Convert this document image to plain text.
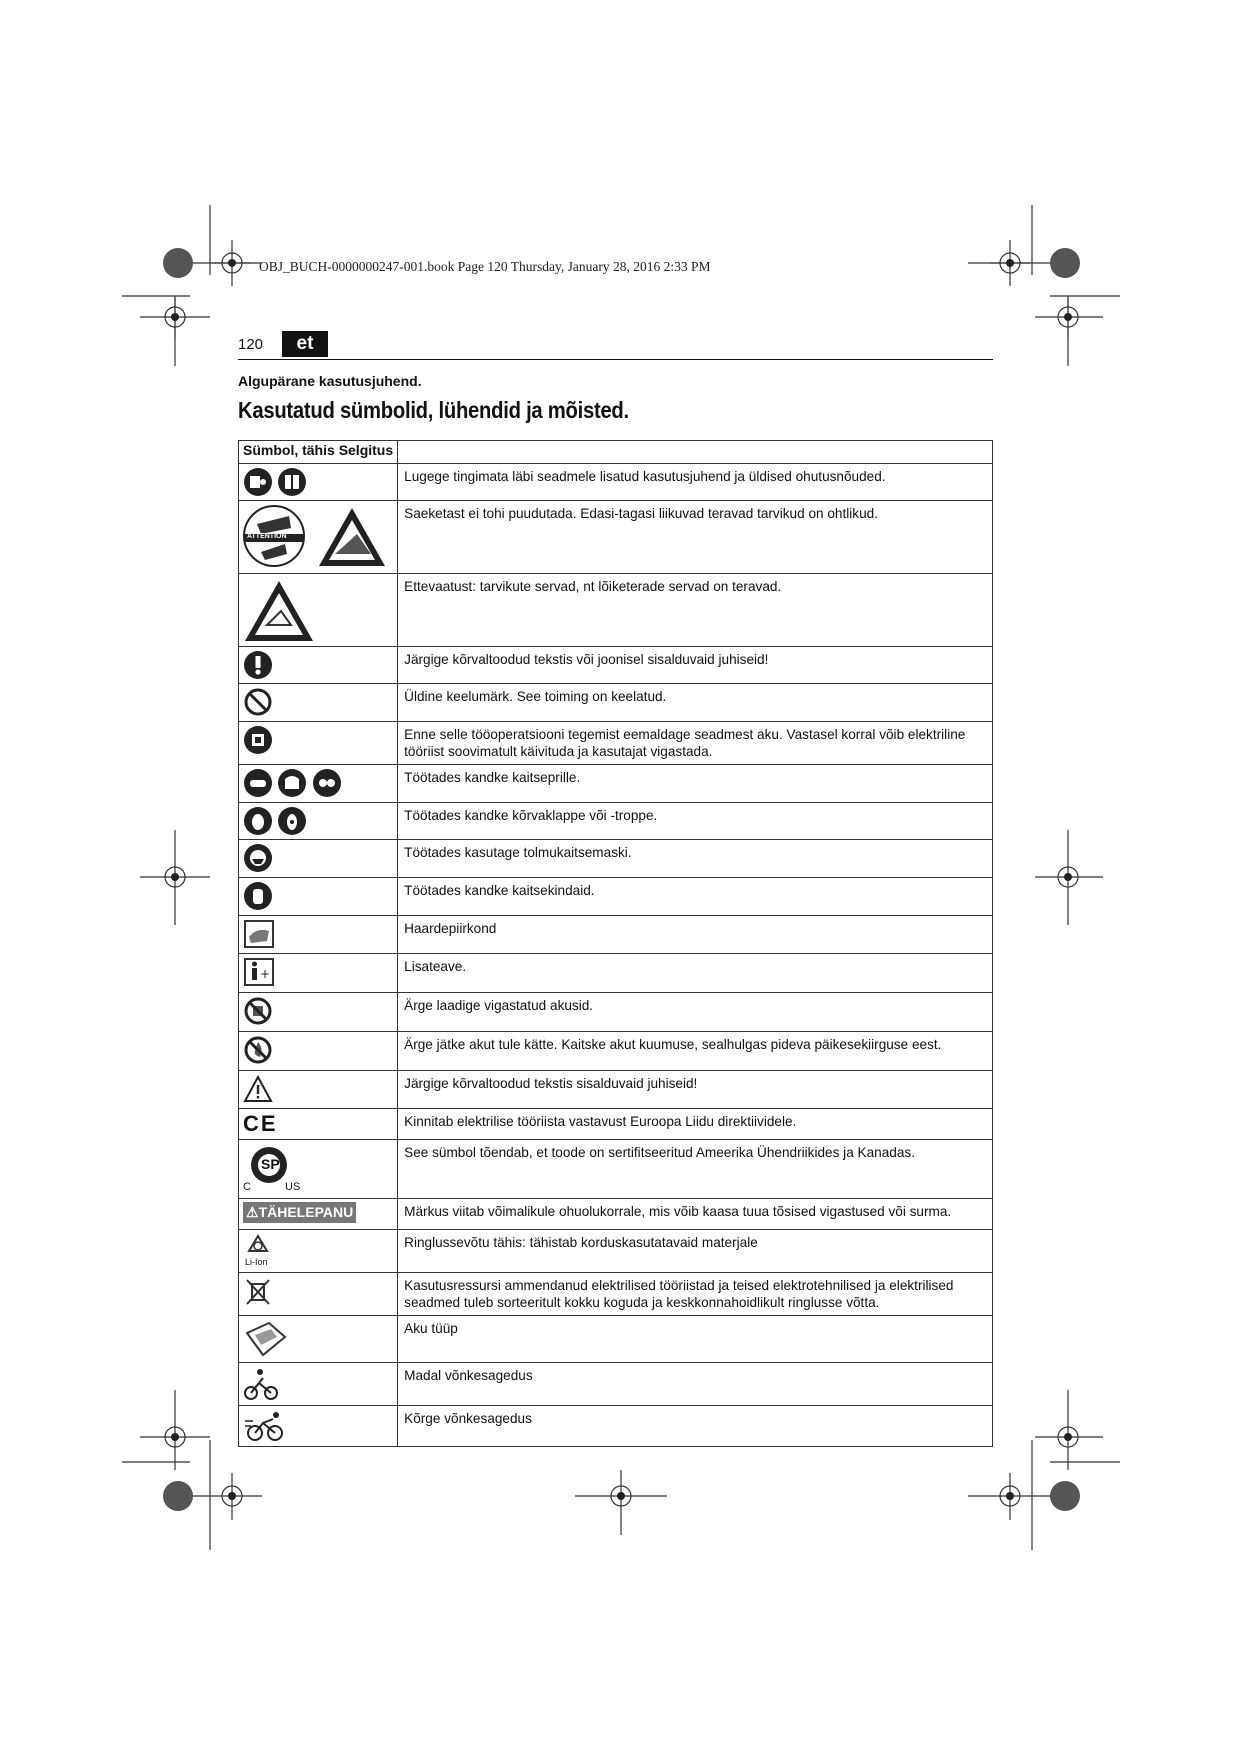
OBJ_BUCH-0000000247-001.book Page 120 Thursday, January 28, 2016 2:33 PM
120	et
Algupärane kasutusjuhend.
Kasutatud sümbolid, lühendid ja mõisted.
Sümbol, tähis Selgitus	

	Lugege tingimata läbi seadmele lisatud kasutusjuhend ja üldised ohutusnõuded.

ATTENTION	Saeketast ei tohi puudutada. Edasi-tagasi liikuvad teravad tarvikud on ohtlikud.

	Ettevaatust: tarvikute servad, nt lõiketerade servad on teravad.

	Järgige kõrvaltoodud tekstis või joonisel sisalduvaid juhiseid!

	Üldine keelumärk. See toiming on keelatud.

	Enne selle tööoperatsiooni tegemist eemaldage seadmest aku. Vastasel korral võib elektriline tööriist soovimatult käivituda ja kasutajat vigastada.

	Töötades kandke kaitseprille.

	Töötades kandke kõrvaklappe või -troppe.

	Töötades kasutage tolmukaitsemaski.

	Töötades kandke kaitsekindaid.

	Haardepiirkond

+	Lisateave.

	Ärge laadige vigastatud akusid.

	Ärge jätke akut tule kätte. Kaitske akut kuumuse, sealhulgas pideva päikesekiirguse eest.

	Järgige kõrvaltoodud tekstis sisalduvaid juhiseid!
CE	Kinnitab elektrilise tööriista vastavust Euroopa Liidu direktiividele.

SP
C US	See sümbol tõendab, et toode on sertifitseeritud Ameerika Ühendriikides ja Kanadas.
⚠TÄHELEPANU	Märkus viitab võimalikule ohuolukorrale, mis võib kaasa tuua tõsised vigastused või surma.

Li-Ion	Ringlussevõtu tähis: tähistab korduskasutatavaid materjale

	Kasutusressursi ammendanud elektrilised tööriistad ja teised elektrotehnilised ja elektrilised seadmed tuleb sorteeritult kokku koguda ja keskkonnahoidlikult ringlusse võtta.

	Aku tüüp

	Madal võnkesagedus

	Kõrge võnkesagedus
